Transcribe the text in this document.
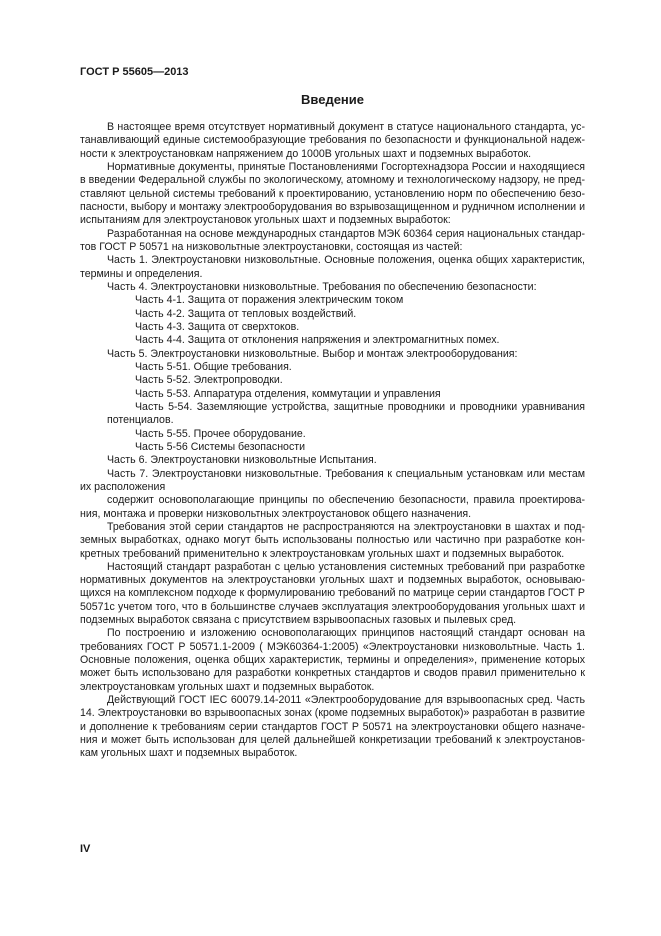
ГОСТ Р 55605—2013
Введение
В настоящее время отсутствует нормативный документ в статусе национального стандарта, ус-
танавливающий единые системообразующие требования по безопасности и функциональной надеж-
ности к электроустановкам напряжением до 1000В угольных шахт и подземных выработок.
Нормативные документы, принятые Постановлениями Госгортехнадзора России и находящиеся
в введении Федеральной службы по экологическому, атомному и технологическому надзору, не пред-
ставляют цельной системы требований к проектированию, установлению норм по обеспечению безо-
пасности, выбору и монтажу электрооборудования во взрывозащищенном и рудничном исполнении и
испытаниям для электроустановок угольных шахт и подземных выработок:
Разработанная на основе международных стандартов МЭК 60364 серия национальных стандар-
тов ГОСТ Р 50571 на низковольтные электроустановки, состоящая из частей:
Часть 1. Электроустановки низковольтные. Основные положения, оценка общих характеристик,
термины и определения.
Часть 4. Электроустановки низковольтные. Требования по обеспечению безопасности:
Часть 4-1. Защита от поражения электрическим током
Часть 4-2. Защита от тепловых воздействий.
Часть 4-3. Защита от сверхтоков.
Часть 4-4. Защита от отклонения напряжения и электромагнитных помех.
Часть 5. Электроустановки низковольтные. Выбор и монтаж электрооборудования:
Часть 5-51. Общие требования.
Часть 5-52. Электропроводки.
Часть 5-53. Аппаратура отделения, коммутации и управления
Часть 5-54. Заземляющие устройства, защитные проводники и проводники уравнивания
потенциалов.
Часть 5-55. Прочее оборудование.
Часть 5-56 Системы безопасности
Часть 6. Электроустановки низковольтные Испытания.
Часть 7. Электроустановки низковольтные. Требования к специальным установкам или местам
их расположения
содержит основополагающие принципы по обеспечению безопасности, правила проектирова-
ния, монтажа и проверки низковольтных электроустановок общего назначения.
Требования этой серии стандартов не распространяются на электроустановки в шахтах и под-
земных выработках, однако могут быть использованы полностью или частично при разработке кон-
кретных требований применительно к электроустановкам угольных шахт и подземных выработок.
Настоящий стандарт разработан с целью установления системных требований при разработке
нормативных документов на электроустановки угольных шахт и подземных выработок, основываю-
щихся на комплексном подходе к формулированию требований по матрице серии стандартов ГОСТ Р
50571с учетом того, что в большинстве случаев эксплуатация электрооборудования угольных шахт и
подземных выработок связана с присутствием взрывоопасных газовых и пылевых сред.
По построению и изложению основополагающих принципов настоящий стандарт основан на
требованиях ГОСТ Р 50571.1-2009 ( МЭК60364-1:2005) «Электроустановки низковольтные. Часть 1.
Основные положения, оценка общих характеристик, термины и определения», применение которых
может быть использовано для разработки конкретных стандартов и сводов правил применительно к
электроустановкам угольных шахт и подземных выработок.
Действующий ГОСТ IEC 60079.14-2011 «Электрооборудование для взрывоопасных сред. Часть
14. Электроустановки во взрывоопасных зонах (кроме подземных выработок)» разработан в развитие
и дополнение к требованиям серии стандартов ГОСТ Р 50571 на электроустановки общего назначе-
ния и может быть использован для целей дальнейшей конкретизации требований к электроустанов-
кам угольных шахт и подземных выработок.
IV
